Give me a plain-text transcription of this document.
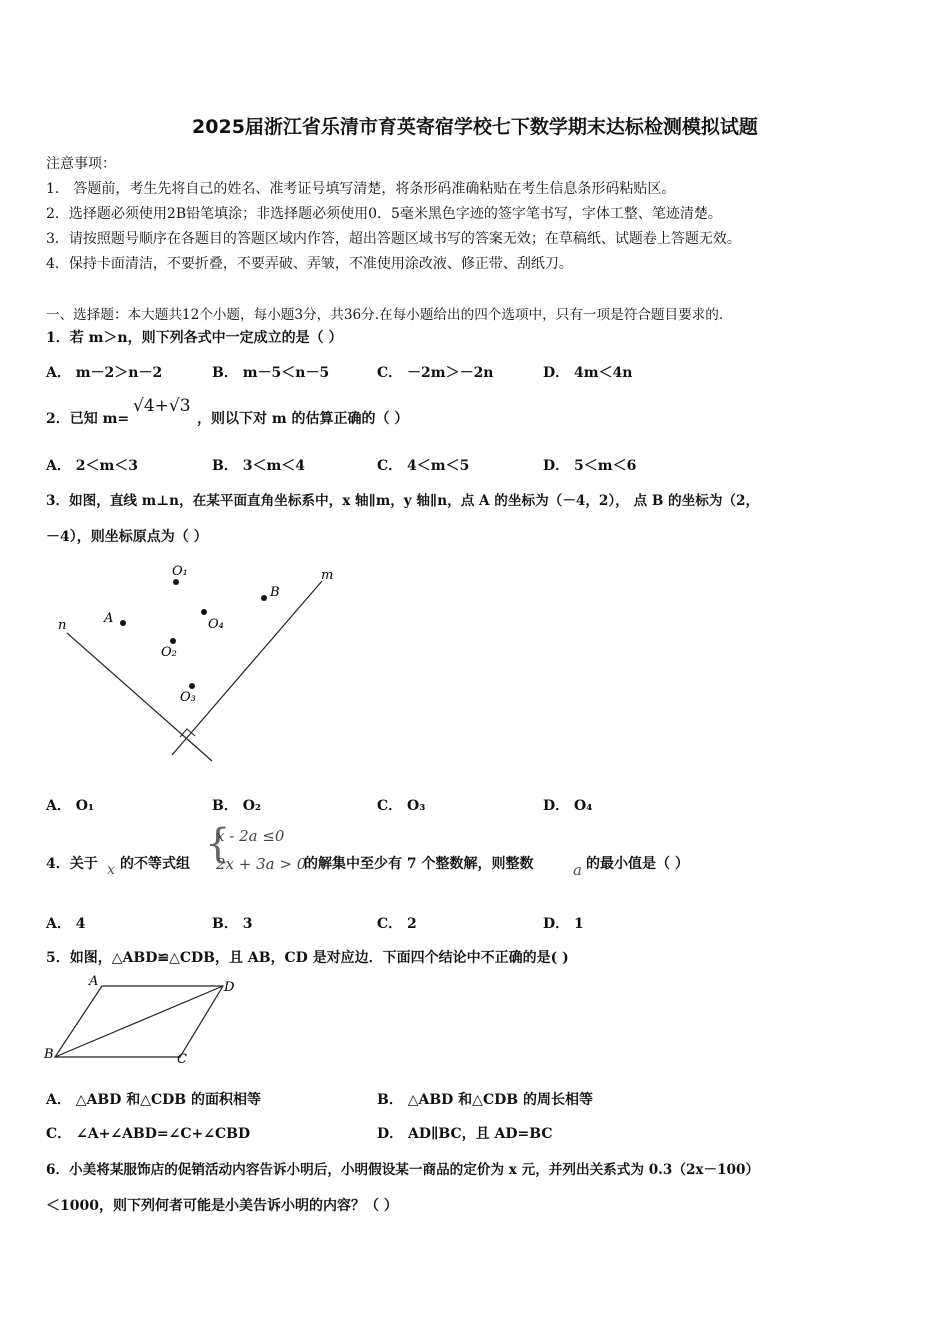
2025届浙江省乐清市育英寄宿学校七下数学期末达标检测模拟试题
注意事项：
1． 答题前，考生先将自己的姓名、准考证号填写清楚，将条形码准确粘贴在考生信息条形码粘贴区。
2．选择题必须使用2B铅笔填涂；非选择题必须使用0．5毫米黑色字迹的签字笔书写，字体工整、笔迹清楚。
3．请按照题号顺序在各题目的答题区域内作答，超出答题区域书写的答案无效；在草稿纸、试题卷上答题无效。
4．保持卡面清洁，不要折叠，不要弄破、弄皱，不准使用涂改液、修正带、刮纸刀。
一、选择题：本大题共12个小题，每小题3分，共36分.在每小题给出的四个选项中，只有一项是符合题目要求的.
1．若 m＞n，则下列各式中一定成立的是（ ）
A． m－2＞n－2	B． m－5＜n－5	C． －2m＞－2n	D． 4m＜4n
2．已知 m=
√4+√3
，则以下对 m 的估算正确的（ ）
A． 2＜m＜3	B． 3＜m＜4	C． 4＜m＜5	D． 5＜m＜6
3．如图，直线 m⊥n，在某平面直角坐标系中，x 轴∥m，y 轴∥n，点 A 的坐标为（－4，2）， 点 B 的坐标为（2，
－4），则坐标原点为（ ）
n
m
A
B
O₁
O₄
O₂
O₃
A． O₁	B． O₂	C． O₃	D． O₄
4．关于 x 的不等式组 {
x - 2a ≤0
2x + 3a > 0
的解集中至少有 7 个整数解，则整数	a 的最小值是（ ）
A． 4	B． 3	C． 2	D． 1
5．如图，△ABD≌△CDB，且 AB，CD 是对应边．下面四个结论中不正确的是( )
A	D
B	C
A． △ABD 和△CDB 的面积相等	B． △ABD 和△CDB 的周长相等
C． ∠A+∠ABD=∠C+∠CBD	D． AD∥BC，且 AD=BC
6．小美将某服饰店的促销活动内容告诉小明后，小明假设某一商品的定价为 x 元，并列出关系式为 0.3（2x－100）
＜1000，则下列何者可能是小美告诉小明的内容？（ ）
